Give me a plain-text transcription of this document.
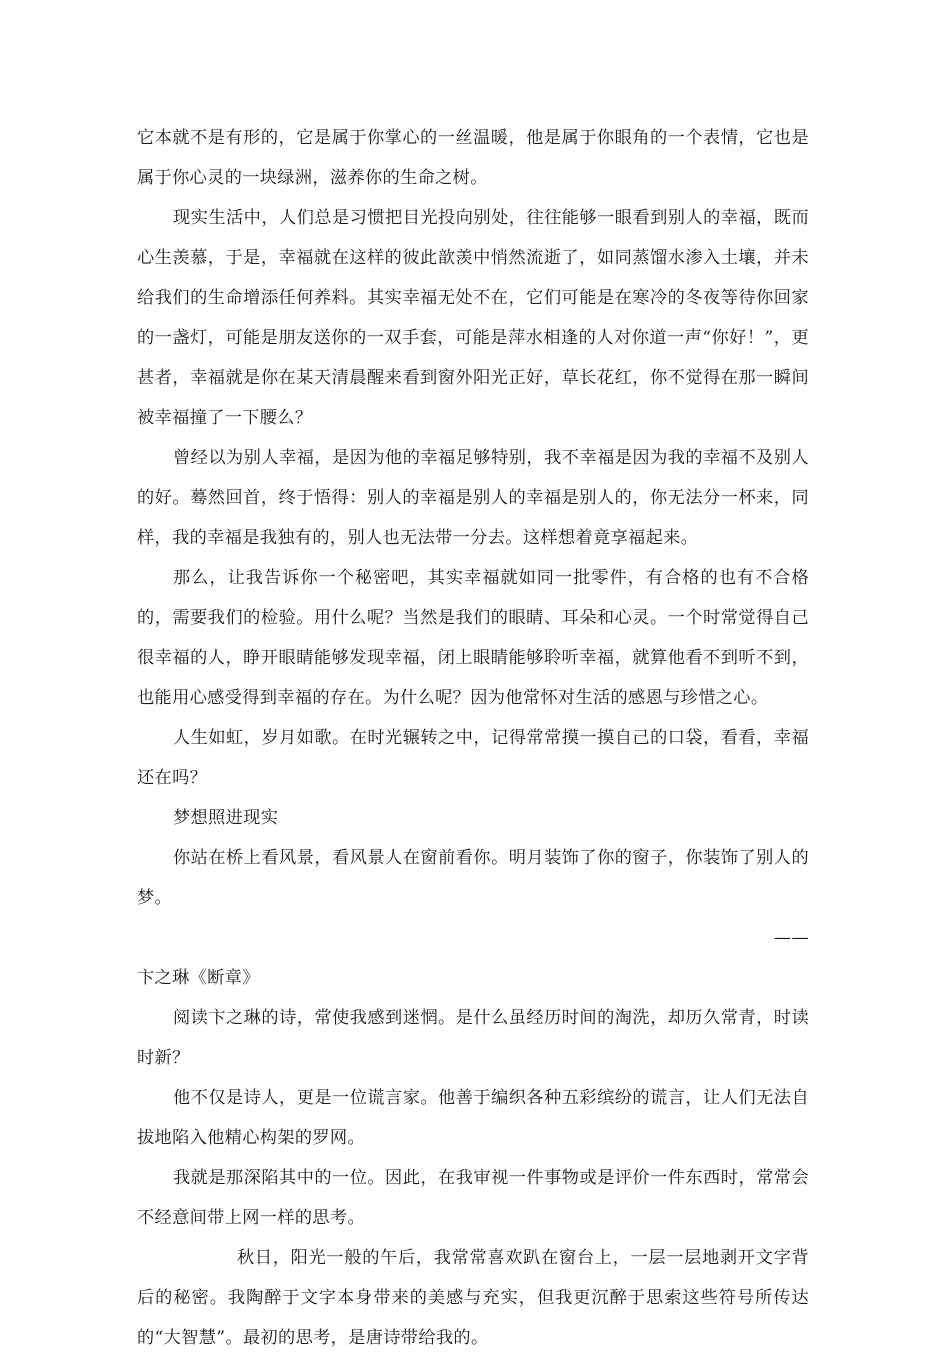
它本就不是有形的，它是属于你掌心的一丝温暖，他是属于你眼角的一个表情，它也是属于你心灵的一块绿洲，滋养你的生命之树。

现实生活中，人们总是习惯把目光投向别处，往往能够一眼看到别人的幸福，既而心生羡慕，于是，幸福就在这样的彼此歆羡中悄然流逝了，如同蒸馏水渗入土壤，并未给我们的生命增添任何养料。其实幸福无处不在，它们可能是在寒冷的冬夜等待你回家的一盏灯，可能是朋友送你的一双手套，可能是萍水相逢的人对你道一声“你好！”，更甚者，幸福就是你在某天清晨醒来看到窗外阳光正好，草长花红，你不觉得在那一瞬间被幸福撞了一下腰么？

曾经以为别人幸福，是因为他的幸福足够特别，我不幸福是因为我的幸福不及别人的好。蓦然回首，终于悟得：别人的幸福是别人的幸福是别人的，你无法分一杯来，同样，我的幸福是我独有的，别人也无法带一分去。这样想着竟享福起来。

那么，让我告诉你一个秘密吧，其实幸福就如同一批零件，有合格的也有不合格的，需要我们的检验。用什么呢？当然是我们的眼睛、耳朵和心灵。一个时常觉得自己很幸福的人，睁开眼睛能够发现幸福，闭上眼睛能够聆听幸福，就算他看不到听不到，也能用心感受得到幸福的存在。为什么呢？因为他常怀对生活的感恩与珍惜之心。

人生如虹，岁月如歌。在时光辗转之中，记得常常摸一摸自己的口袋，看看，幸福还在吗？

梦想照进现实

你站在桥上看风景，看风景人在窗前看你。明月装饰了你的窗子，你装饰了别人的梦。

——

卞之琳《断章》

阅读卞之琳的诗，常使我感到迷惘。是什么虽经历时间的淘洗，却历久常青，时读时新？

他不仅是诗人，更是一位谎言家。他善于编织各种五彩缤纷的谎言，让人们无法自拔地陷入他精心构架的罗网。

我就是那深陷其中的一位。因此，在我审视一件事物或是评价一件东西时，常常会不经意间带上网一样的思考。

秋日，阳光一般的午后，我常常喜欢趴在窗台上，一层一层地剥开文字背后的秘密。我陶醉于文字本身带来的美感与充实，但我更沉醉于思索这些符号所传达的“大智慧”。最初的思考，是唐诗带给我的。
